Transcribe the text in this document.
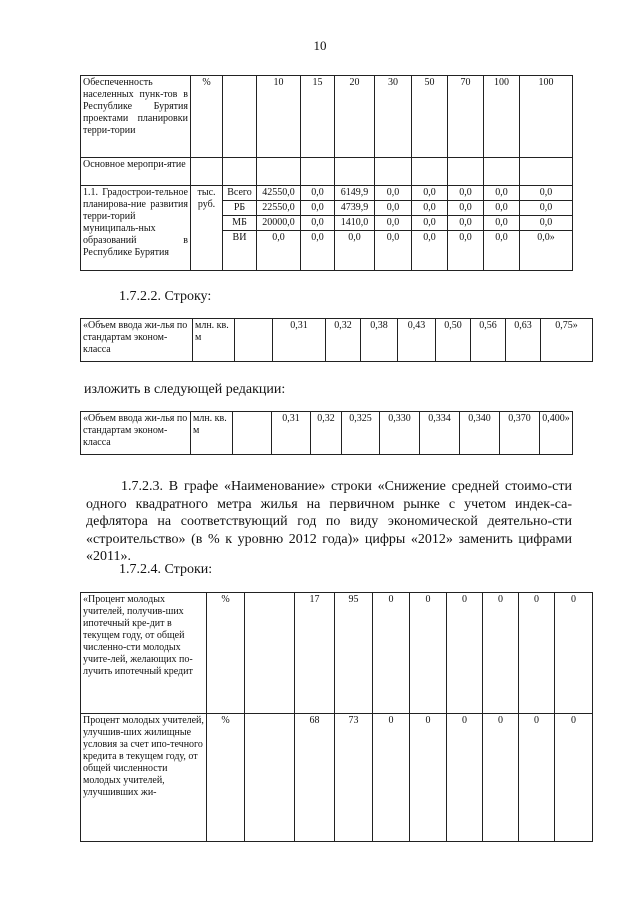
10
Обеспеченность населенных пунк-тов в Республике Бурятия проектами планировки терри-тории	%		10	15	20	30	50	70	100	100
Основное меропри-ятие										
1.1. Градострои-тельное планирова-ние развития терри-торий муниципаль-ных образований в Республике Бурятия	тыс. руб.	Всего	42550,0	0,0	6149,9	0,0	0,0	0,0	0,0	0,0
		РБ	22550,0	0,0	4739,9	0,0	0,0	0,0	0,0	0,0
		МБ	20000,0	0,0	1410,0	0,0	0,0	0,0	0,0	0,0
		ВИ	0,0	0,0	0,0	0,0	0,0	0,0	0,0	0,0»

1.7.2.2. Строку:

«Объем ввода жи-лья по стандартам эконом-класса	млн. кв. м		0,31	0,32	0,38	0,43	0,50	0,56	0,63	0,75»

изложить в следующей редакции:

«Объем ввода жи-лья по стандартам эконом-класса	млн. кв. м		0,31	0,32	0,325	0,330	0,334	0,340	0,370	0,400»

1.7.2.3. В графе «Наименование» строки «Снижение средней стоимо-сти одного квадратного метра жилья на первичном рынке с учетом индек-са-дефлятора на соответствующий год по виду экономической деятельно-сти «строительство» (в % к уровню 2012 года)» цифры «2012» заменить цифрами «2011».

1.7.2.4. Строки:

«Процент молодых учителей, получив-ших ипотечный кре-дит в текущем году, от общей численно-сти молодых учите-лей, желающих по-лучить ипотечный кредит	%		17	95	0	0	0	0	0	0
Процент молодых учителей, улучшив-ших жилищные условия за счет ипо-течного кредита в текущем году, от общей численности молодых учителей, улучшивших жи-	%		68	73	0	0	0	0	0	0
